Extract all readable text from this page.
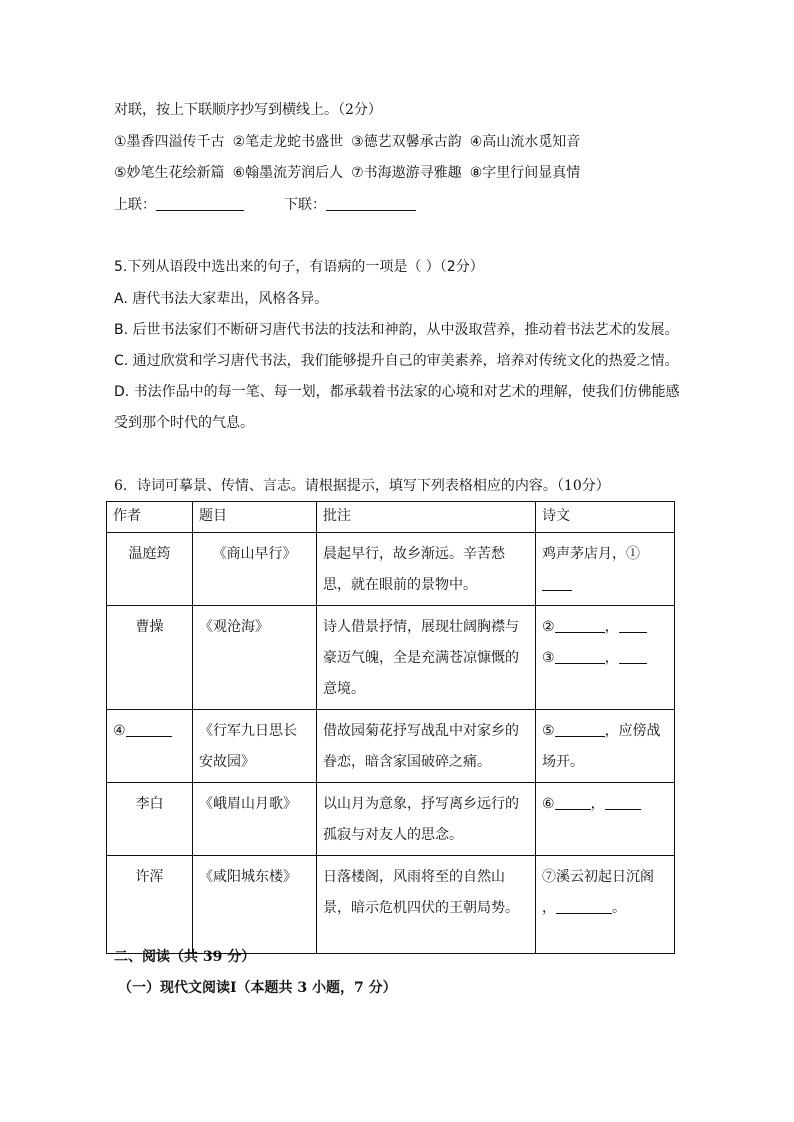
对联，按上下联顺序抄写到横线上。（2分）
①墨香四溢传千古 ②笔走龙蛇书盛世 ③德艺双馨承古韵 ④高山流水觅知音
⑤妙笔生花绘新篇 ⑥翰墨流芳润后人 ⑦书海遨游寻雅趣 ⑧字里行间显真情
上联：	下联：
5.下列从语段中选出来的句子，有语病的一项是（ ）（2分）
A. 唐代书法大家辈出，风格各异。
B. 后世书法家们不断研习唐代书法的技法和神韵，从中汲取营养，推动着书法艺术的发展。
C. 通过欣赏和学习唐代书法，我们能够提升自己的审美素养，培养对传统文化的热爱之情。
D. 书法作品中的每一笔、每一划，都承载着书法家的心境和对艺术的理解，使我们仿佛能感
受到那个时代的气息。
6．诗词可摹景、传情、言志。请根据提示，填写下列表格相应的内容。（10分）
作者	题目	批注	诗文
温庭筠	《商山早行》	晨起早行，故乡渐远。辛苦愁思，就在眼前的景物中。	鸡声茅店月，①
曹操	《观沧海》	诗人借景抒情，展现壮阔胸襟与豪迈气魄，全是充满苍凉慷慨的意境。	② ，
③ ，

④	《行军九日思长安故园》	借故园菊花抒写战乱中对家乡的眷恋，暗含家国破碎之痛。	⑤ ，应傍战场开。
李白	《峨眉山月歌》	以山月为意象，抒写离乡远行的孤寂与对友人的思念。	⑥ ，
许浑	《咸阳城东楼》	日落楼阁，风雨将至的自然山景，暗示危机四伏的王朝局势。	⑦溪云初起日沉阁 ， 。
二、阅读（共 39 分）
（一）现代文阅读Ⅰ（本题共 3 小题，7 分）
